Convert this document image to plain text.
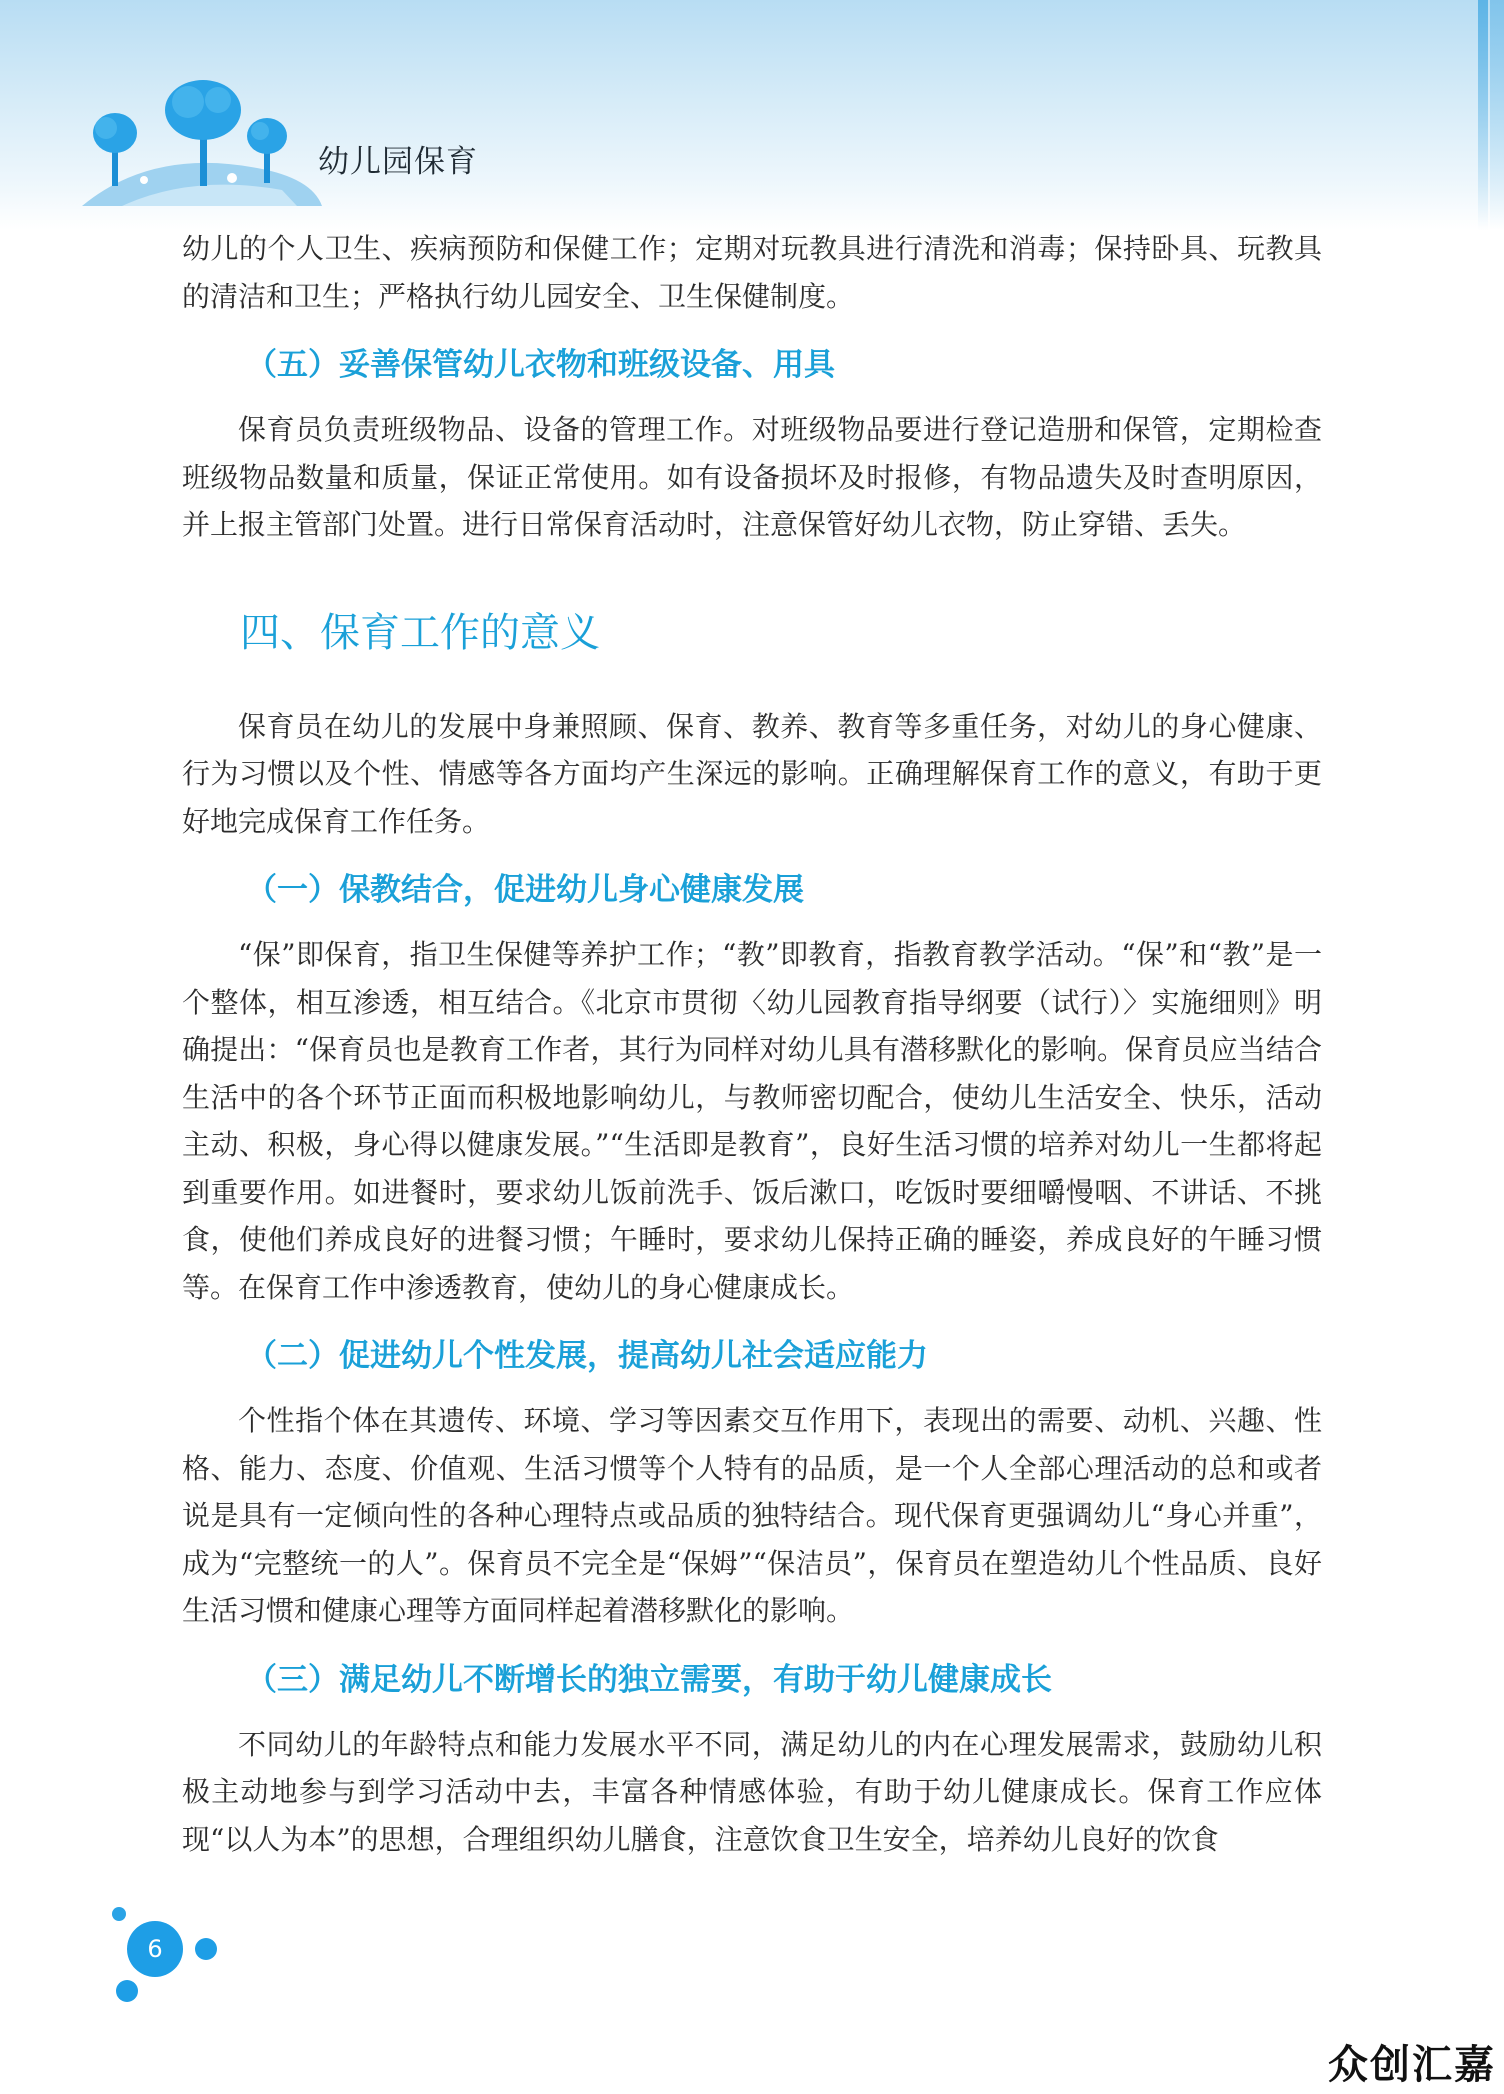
幼儿园保育

幼儿的个人卫生、疾病预防和保健工作；定期对玩教具进行清洗和消毒；保持卧具、玩教具的清洁和卫生；严格执行幼儿园安全、卫生保健制度。

（五）妥善保管幼儿衣物和班级设备、用具

保育员负责班级物品、设备的管理工作。对班级物品要进行登记造册和保管，定期检查班级物品数量和质量，保证正常使用。如有设备损坏及时报修，有物品遗失及时查明原因，并上报主管部门处置。进行日常保育活动时，注意保管好幼儿衣物，防止穿错、丢失。

四、保育工作的意义

保育员在幼儿的发展中身兼照顾、保育、教养、教育等多重任务，对幼儿的身心健康、行为习惯以及个性、情感等各方面均产生深远的影响。正确理解保育工作的意义，有助于更好地完成保育工作任务。

（一）保教结合，促进幼儿身心健康发展

“保”即保育，指卫生保健等养护工作；“教”即教育，指教育教学活动。“保”和“教”是一个整体，相互渗透，相互结合。《北京市贯彻〈幼儿园教育指导纲要（试行）〉实施细则》明确提出：“保育员也是教育工作者，其行为同样对幼儿具有潜移默化的影响。保育员应当结合生活中的各个环节正面而积极地影响幼儿，与教师密切配合，使幼儿生活安全、快乐，活动主动、积极，身心得以健康发展。”“生活即是教育”，良好生活习惯的培养对幼儿一生都将起到重要作用。如进餐时，要求幼儿饭前洗手、饭后漱口，吃饭时要细嚼慢咽、不讲话、不挑食，使他们养成良好的进餐习惯；午睡时，要求幼儿保持正确的睡姿，养成良好的午睡习惯等。在保育工作中渗透教育，使幼儿的身心健康成长。

（二）促进幼儿个性发展，提高幼儿社会适应能力

个性指个体在其遗传、环境、学习等因素交互作用下，表现出的需要、动机、兴趣、性格、能力、态度、价值观、生活习惯等个人特有的品质，是一个人全部心理活动的总和或者说是具有一定倾向性的各种心理特点或品质的独特结合。现代保育更强调幼儿“身心并重”，成为“完整统一的人”。保育员不完全是“保姆”“保洁员”，保育员在塑造幼儿个性品质、良好生活习惯和健康心理等方面同样起着潜移默化的影响。

（三）满足幼儿不断增长的独立需要，有助于幼儿健康成长

不同幼儿的年龄特点和能力发展水平不同，满足幼儿的内在心理发展需求，鼓励幼儿积极主动地参与到学习活动中去，丰富各种情感体验，有助于幼儿健康成长。保育工作应体现“以人为本”的思想，合理组织幼儿膳食，注意饮食卫生安全，培养幼儿良好的饮食

6
众创汇嘉
